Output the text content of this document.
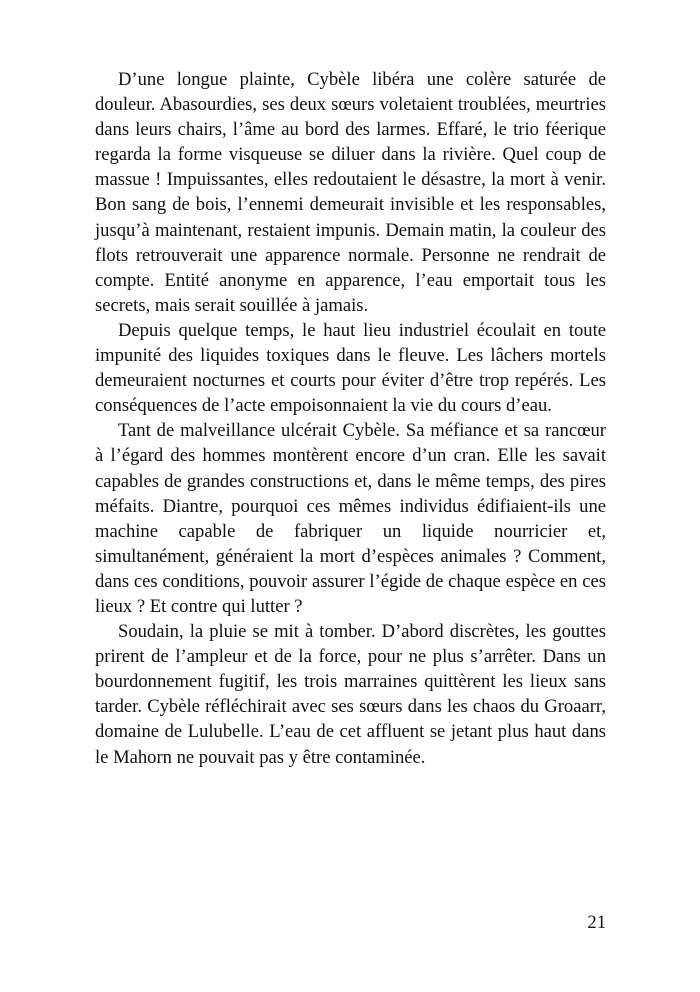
D’une longue plainte, Cybèle libéra une colère saturée de douleur. Abasourdies, ses deux sœurs voletaient troublées, meurtries dans leurs chairs, l’âme au bord des larmes. Effaré, le trio féerique regarda la forme visqueuse se diluer dans la rivière. Quel coup de massue ! Impuissantes, elles redoutaient le désastre, la mort à venir. Bon sang de bois, l’ennemi demeurait invisible et les responsables, jusqu’à maintenant, restaient impunis. Demain matin, la couleur des flots retrouverait une apparence normale. Personne ne rendrait de compte. Entité anonyme en apparence, l’eau emportait tous les secrets, mais serait souillée à jamais.

Depuis quelque temps, le haut lieu industriel écoulait en toute impunité des liquides toxiques dans le fleuve. Les lâchers mortels demeuraient nocturnes et courts pour éviter d’être trop repérés. Les conséquences de l’acte empoisonnaient la vie du cours d’eau.

Tant de malveillance ulcérait Cybèle. Sa méfiance et sa rancœur à l’égard des hommes montèrent encore d’un cran. Elle les savait capables de grandes constructions et, dans le même temps, des pires méfaits. Diantre, pourquoi ces mêmes individus édifiaient-ils une machine capable de fabriquer un liquide nourricier et, simultanément, généraient la mort d’espèces animales ? Comment, dans ces conditions, pouvoir assurer l’égide de chaque espèce en ces lieux ? Et contre qui lutter ?

Soudain, la pluie se mit à tomber. D’abord discrètes, les gouttes prirent de l’ampleur et de la force, pour ne plus s’arrêter. Dans un bourdonnement fugitif, les trois marraines quittèrent les lieux sans tarder. Cybèle réfléchirait avec ses sœurs dans les chaos du Groaarr, domaine de Lulubelle. L’eau de cet affluent se jetant plus haut dans le Mahorn ne pouvait pas y être contaminée.

21
